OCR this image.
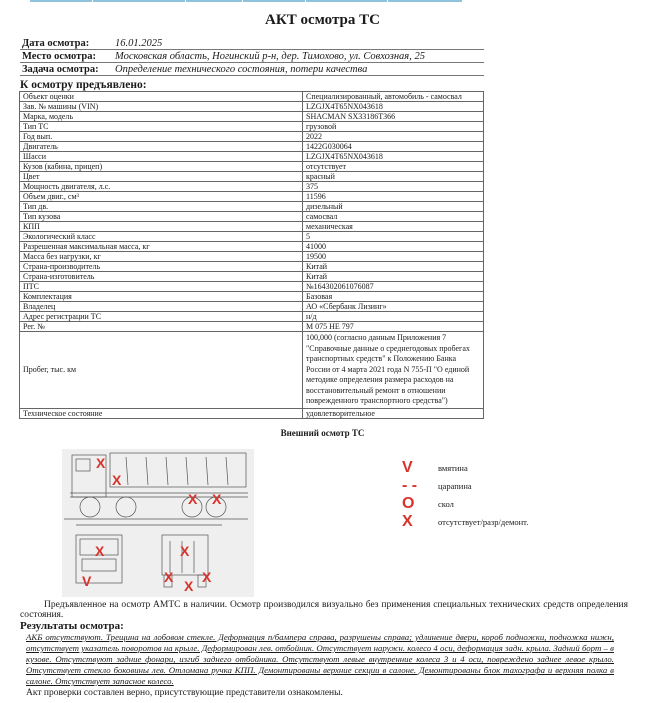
АКТ осмотра ТС
Дата осмотра:	16.01.2025
Место осмотра:	Московская область, Ногинский р-н, дер. Тимохово, ул. Совхозная, 25
Задача осмотра:	Определение технического состояния, потери качества
К осмотру предъявлено:
Объект оценки	Специализированный, автомобиль - самосвал
Зав. № машины (VIN)	LZGJX4T65NX043618
Марка, модель	SHACMAN SX33186T366
Тип ТС	грузовой
Год вып.	2022
Двигатель	1422G030064
Шасси	LZGJX4T65NX043618
Кузов (кабина, прицеп)	отсутствует
Цвет	красный
Мощность двигателя, л.с.	375
Объем двиг., см³	11596
Тип дв.	дизельный
Тип кузова	самосвал
КПП	механическая
Экологический класс	5
Разрешенная максимальная масса, кг	41000
Масса без нагрузки, кг	19500
Страна-производитель	Китай
Страна-изготовитель	Китай
ПТС	№164302061076087
Комплектация	Базовая
Владелец	АО «Сбербанк Лизинг»
Адрес регистрации ТС	н/д
Рег. №	М 075 НЕ 797
Пробег, тыс. км	100,000 (согласно данным Приложения 7 "Справочные данные о среднегодовых пробегах транспортных средств" к Положению Банка России от 4 марта 2021 года N 755-П "О единой методике определения размера расходов на восстановительный ремонт в отношении поврежденного транспортного средства")
Техническое состояние	удовлетворительное
Внешний осмотр ТС
X
X
X X
X
V
X
X
X
X
V	вмятина
- -	царапина
O	скол
X	отсутствует/разр/демонт.

Предъявленное на осмотр АМТС в наличии. Осмотр производился визуально без применения специальных технических средств определения состояния.

Результаты осмотра:

АКБ отсутствуют. Трещина на лобовом стекле. Деформация п/бампера справа, разрушены справа; удлинение двери, короб подножки, подножка нижн, отсутствует указатель поворотов на крыле. Деформирован лев. отбойник. Отсутствует наружн. колесо 4 оси, деформация задн. крыла. Задний борт – в кузове. Отсутствуют задние фонари, изгиб заднего отбойника. Отсутствуют левые внутренние колеса 3 и 4 оси, повреждено заднее левое крыло. Отсутствует стекло боковины лев. Отломана ручка КПП. Демонтированы верхние секции в салоне. Демонтированы блок тахографа и верхняя полка в салоне. Отсутствует запасное колесо.

Акт проверки составлен верно, присутствующие представители ознакомлены.
